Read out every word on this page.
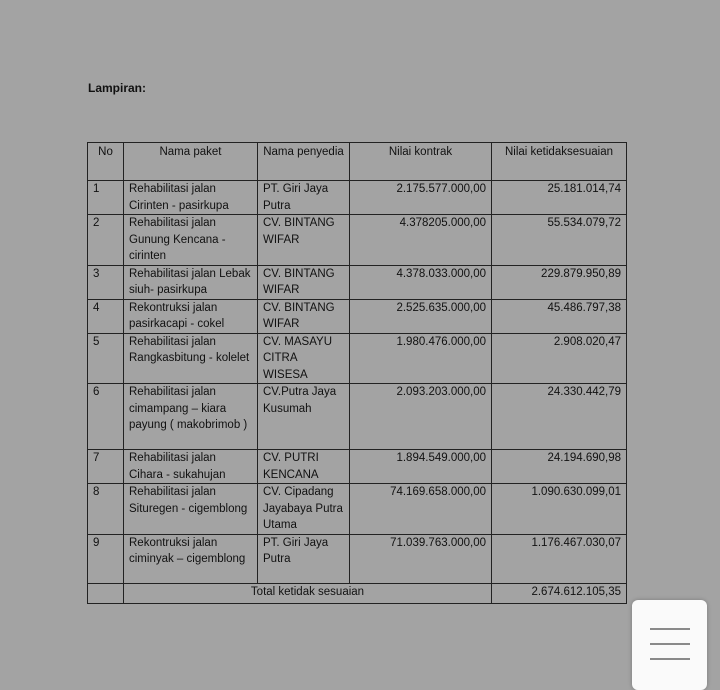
Lampiran:
No	Nama paket	Nama penyedia	Nilai kontrak	Nilai ketidaksesuaian
1	Rehabilitasi jalan Cirinten - pasirkupa	PT. Giri Jaya Putra	2.175.577.000,00	25.181.014,74
2	Rehabilitasi jalan Gunung Kencana - cirinten	CV. BINTANG WIFAR	4.378205.000,00	55.534.079,72
3	Rehabilitasi jalan Lebak siuh- pasirkupa	CV. BINTANG WIFAR	4.378.033.000,00	229.879.950,89
4	Rekontruksi jalan pasirkacapi - cokel	CV. BINTANG WIFAR	2.525.635.000,00	45.486.797,38
5	Rehabilitasi jalan Rangkasbitung - kolelet	CV. MASAYU CITRA WISESA	1.980.476.000,00	2.908.020,47
6	Rehabilitasi jalan cimampang – kiara payung ( makobrimob )	CV.Putra Jaya Kusumah	2.093.203.000,00	24.330.442,79
7	Rehabilitasi jalan Cihara - sukahujan	CV. PUTRI KENCANA	1.894.549.000,00	24.194.690,98
8	Rehabilitasi jalan Situregen - cigemblong	CV. Cipadang Jayabaya Putra Utama	74.169.658.000,00	1.090.630.099,01
9	Rekontruksi jalan ciminyak – cigemblong	PT. Giri Jaya Putra	71.039.763.000,00	1.176.467.030,07
	Total ketidak sesuaian			2.674.612.105,35
